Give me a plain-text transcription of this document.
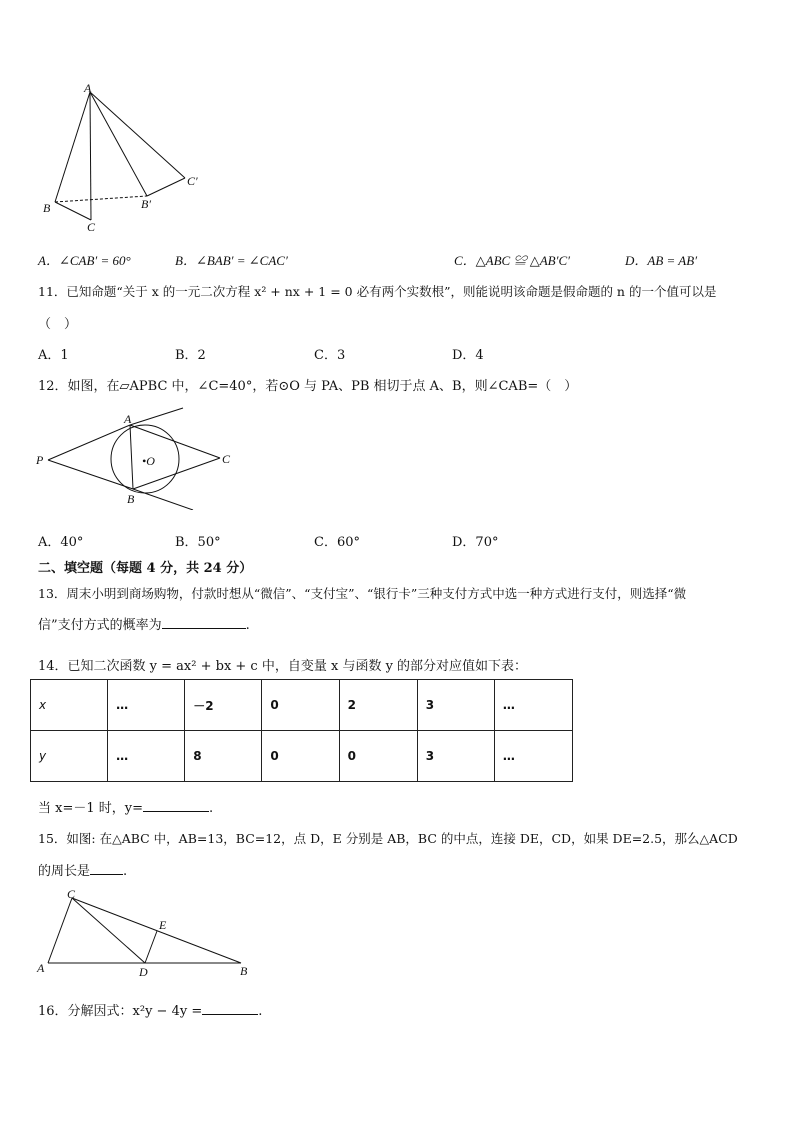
A
B
C
B′
C′
A．∠CAB′ = 60°	B．∠BAB′ = ∠CAC′	C．△ABC ≌ △AB′C′	D．AB = AB′
11．已知命题“关于 x 的一元二次方程 x² + nx + 1 = 0 必有两个实数根”，则能说明该命题是假命题的 n 的一个值可以是
（　）
A．1	B．2	C．3	D．4
12．如图，在▱APBC 中，∠C=40°，若⊙O 与 PA、PB 相切于点 A、B，则∠CAB=（　）
A
P	•O	C
B
A．40°	B．50°	C．60°	D．70°
二、填空题（每题 4 分，共 24 分）
13．周末小明到商场购物，付款时想从“微信”、“支付宝”、“银行卡”三种支付方式中选一种方式进行支付，则选择“微
信”支付方式的概率为	.
14．已知二次函数 y = ax² + bx + c 中，自变量 x 与函数 y 的部分对应值如下表：
x	…	－2	0	2	3	…
y	…	8	0	0	3	…
当 x=－1 时，y=	.
15．如图: 在△ABC 中，AB=13，BC=12，点 D，E 分别是 AB，BC 的中点，连接 DE，CD，如果 DE=2.5，那么△ACD
的周长是	.
C
E
A	D	B
16．分解因式：x²y − 4y =	.
